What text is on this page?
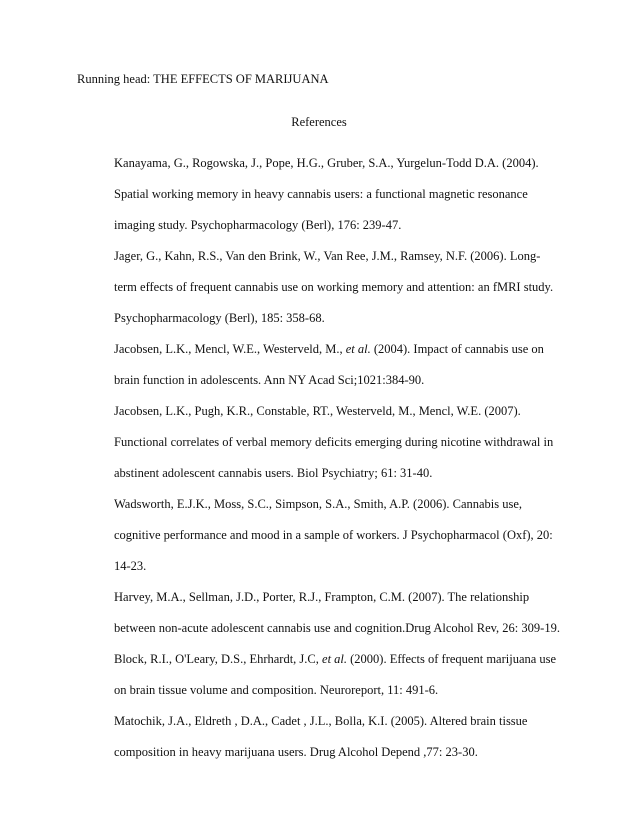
Running head: THE EFFECTS OF MARIJUANA
References
Kanayama, G., Rogowska, J., Pope, H.G., Gruber, S.A., Yurgelun-Todd D.A. (2004).
Spatial working memory in heavy cannabis users: a functional magnetic resonance
imaging study. Psychopharmacology (Berl), 176: 239-47.
Jager, G., Kahn, R.S., Van den Brink, W., Van Ree, J.M., Ramsey, N.F. (2006). Long-
term effects of frequent cannabis use on working memory and attention: an fMRI study.
Psychopharmacology (Berl), 185: 358-68.
Jacobsen, L.K., Mencl, W.E., Westerveld, M., et al. (2004). Impact of cannabis use on
brain function in adolescents. Ann NY Acad Sci;1021:384-90.
Jacobsen, L.K., Pugh, K.R., Constable, RT., Westerveld, M., Mencl, W.E. (2007).
Functional correlates of verbal memory deficits emerging during nicotine withdrawal in
abstinent adolescent cannabis users. Biol Psychiatry; 61: 31-40.
Wadsworth, E.J.K., Moss, S.C., Simpson, S.A., Smith, A.P. (2006). Cannabis use,
cognitive performance and mood in a sample of workers. J Psychopharmacol (Oxf), 20:
14-23.
Harvey, M.A., Sellman, J.D., Porter, R.J., Frampton, C.M. (2007). The relationship
between non-acute adolescent cannabis use and cognition.Drug Alcohol Rev, 26: 309-19.
Block, R.I., O'Leary, D.S., Ehrhardt, J.C, et al. (2000). Effects of frequent marijuana use
on brain tissue volume and composition. Neuroreport, 11: 491-6.
Matochik, J.A., Eldreth , D.A., Cadet , J.L., Bolla, K.I. (2005). Altered brain tissue
composition in heavy marijuana users. Drug Alcohol Depend ,77: 23-30.
